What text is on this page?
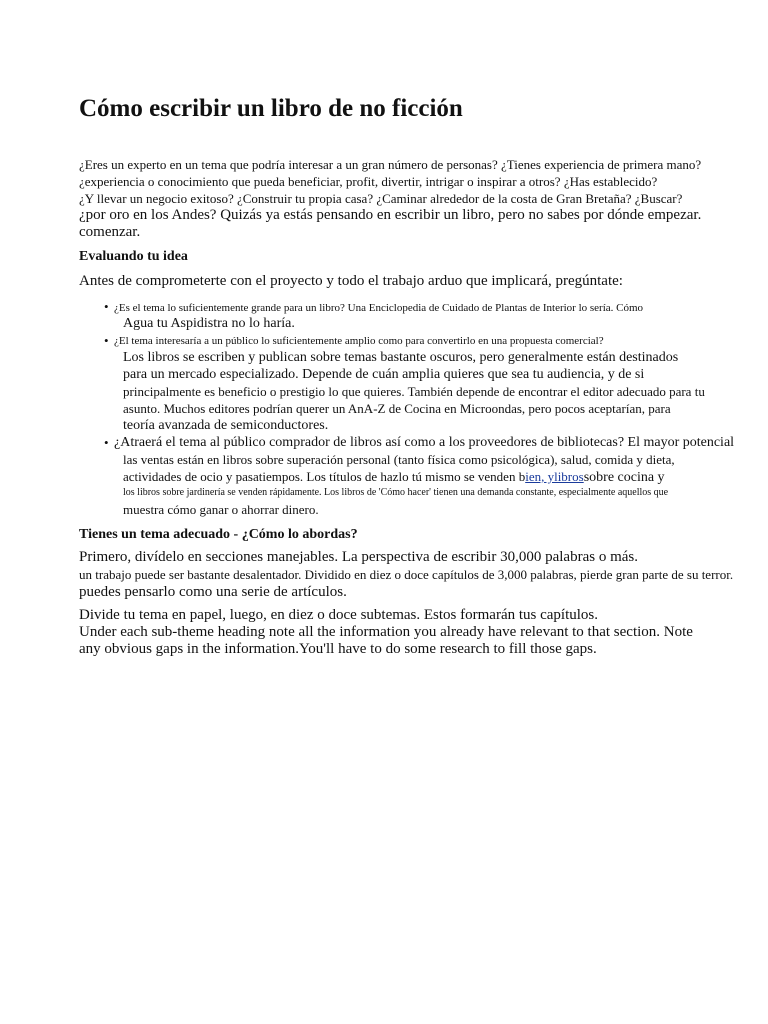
Cómo escribir un libro de no ficción
¿Eres un experto en un tema que podría interesar a un gran número de personas? ¿Tienes experiencia de primera mano?
¿experiencia o conocimiento que pueda beneficiar, profit, divertir, intrigar o inspirar a otros? ¿Has establecido?
¿Y llevar un negocio exitoso? ¿Construir tu propia casa? ¿Caminar alrededor de la costa de Gran Bretaña? ¿Buscar?
¿por oro en los Andes? Quizás ya estás pensando en escribir un libro, pero no sabes por dónde empezar.
comenzar.
Evaluando tu idea
Antes de comprometerte con el proyecto y todo el trabajo arduo que implicará, pregúntate:
• ¿Es el tema lo suficientemente grande para un libro? Una Enciclopedia de Cuidado de Plantas de Interior lo sería. Cómo
Agua tu Aspidistra no lo haría.
• ¿El tema interesaría a un público lo suficientemente amplio como para convertirlo en una propuesta comercial?
Los libros se escriben y publican sobre temas bastante oscuros, pero generalmente están destinados
para un mercado especializado. Depende de cuán amplia quieres que sea tu audiencia, y de si
principalmente es beneficio o prestigio lo que quieres. También depende de encontrar el editor adecuado para tu
asunto. Muchos editores podrían querer un AnA-Z de Cocina en Microondas, pero pocos aceptarían, para
teoría avanzada de semiconductores.
• ¿Atraerá el tema al público comprador de libros así como a los proveedores de bibliotecas? El mayor potencial
las ventas están en libros sobre superación personal (tanto física como psicológica), salud, comida y dieta,
actividades de ocio y pasatiempos. Los títulos de hazlo tú mismo se venden bien, ylibrossobre cocina y
los libros sobre jardinería se venden rápidamente. Los libros de 'Cómo hacer' tienen una demanda constante, especialmente aquellos que
muestra cómo ganar o ahorrar dinero.
Tienes un tema adecuado - ¿Cómo lo abordas?
Primero, divídelo en secciones manejables. La perspectiva de escribir 30,000 palabras o más.
un trabajo puede ser bastante desalentador. Dividido en diez o doce capítulos de 3,000 palabras, pierde gran parte de su terror.
puedes pensarlo como una serie de artículos.
Divide tu tema en papel, luego, en diez o doce subtemas. Estos formarán tus capítulos.
Under each sub-theme heading note all the information you already have relevant to that section. Note
any obvious gaps in the information.You'll have to do some research to fill those gaps.
